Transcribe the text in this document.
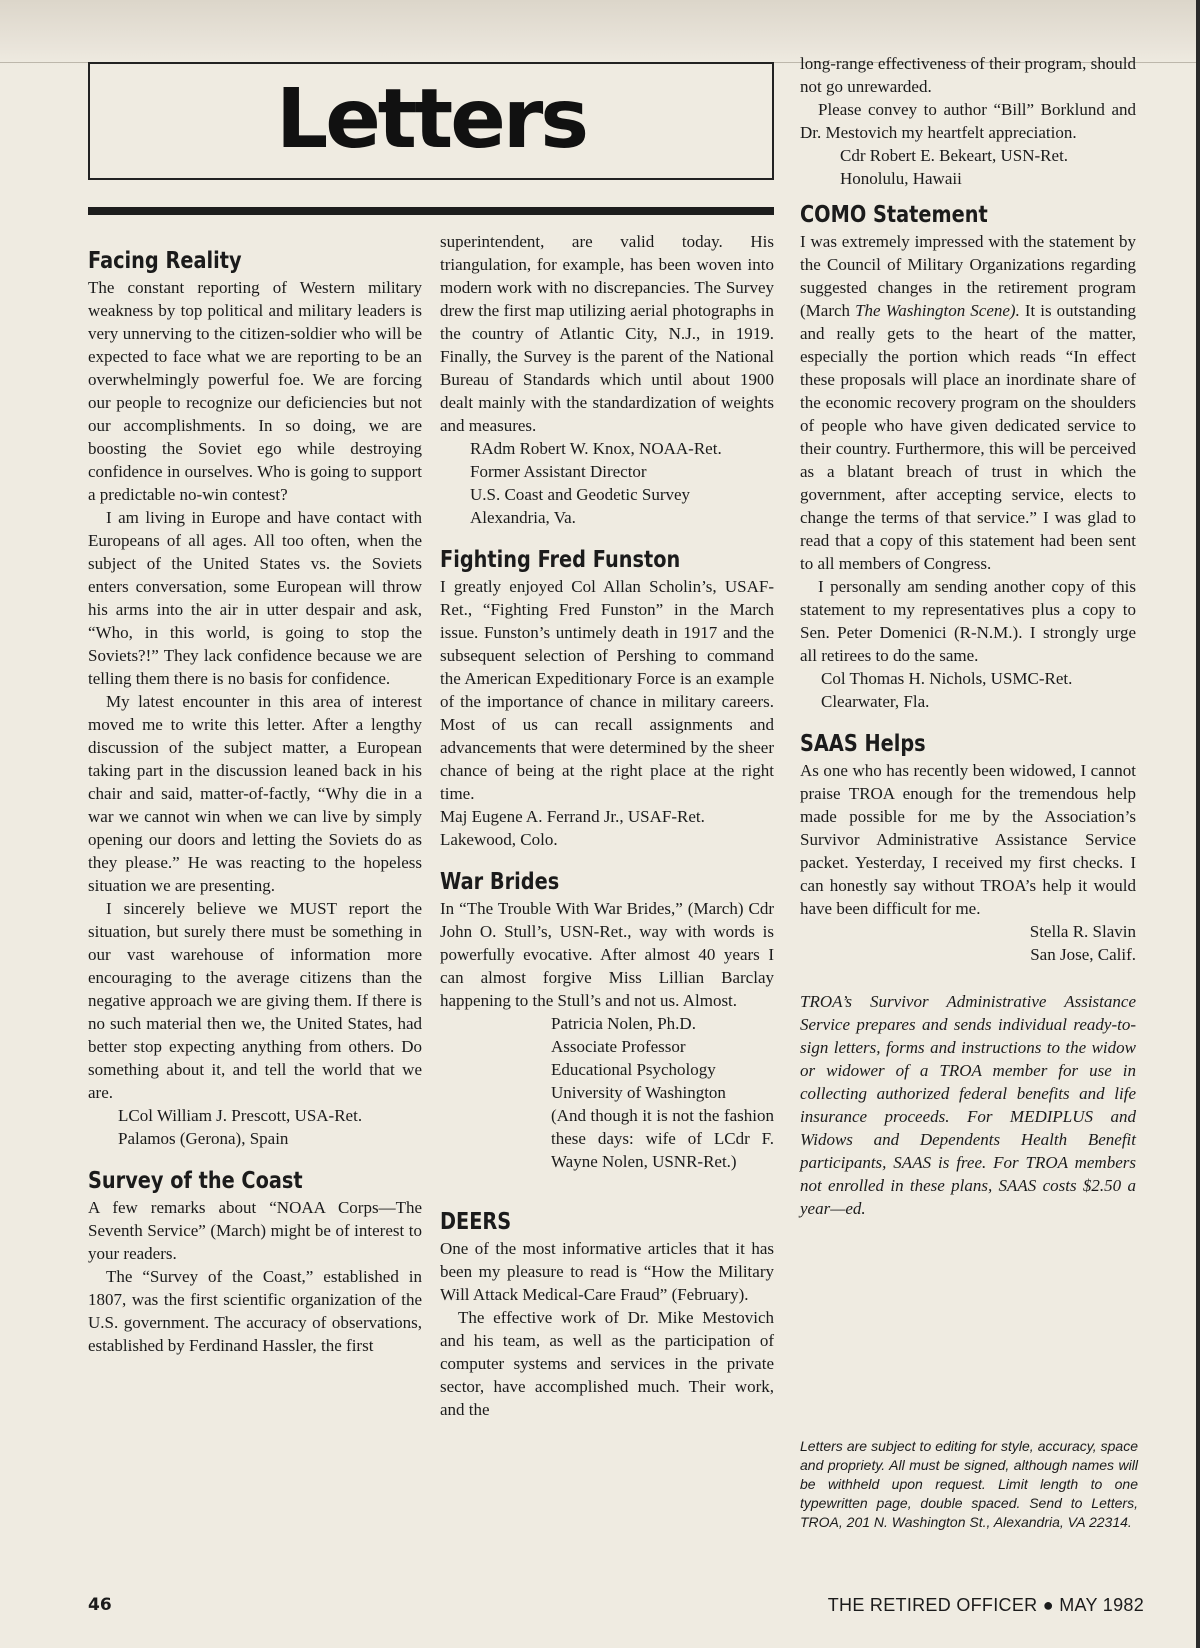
Letters
Facing Reality

The constant reporting of Western military weakness by top political and military leaders is very unnerving to the citizen-soldier who will be expected to face what we are reporting to be an overwhelmingly powerful foe. We are forcing our people to recognize our deficiencies but not our accomplishments. In so doing, we are boosting the Soviet ego while destroying confidence in ourselves. Who is going to support a predictable no-win contest?

I am living in Europe and have contact with Europeans of all ages. All too often, when the subject of the United States vs. the Soviets enters conversation, some European will throw his arms into the air in utter despair and ask, “Who, in this world, is going to stop the Soviets?!” They lack confidence because we are telling them there is no basis for confidence.

My latest encounter in this area of interest moved me to write this letter. After a lengthy discussion of the subject matter, a European taking part in the discussion leaned back in his chair and said, matter-of-factly, “Why die in a war we cannot win when we can live by simply opening our doors and letting the Soviets do as they please.” He was reacting to the hopeless situation we are presenting.

I sincerely believe we MUST report the situation, but surely there must be something in our vast warehouse of information more encouraging to the average citizens than the negative approach we are giving them. If there is no such material then we, the United States, had better stop expecting anything from others. Do something about it, and tell the world that we are.

LCol William J. Prescott, USA-Ret.
Palamos (Gerona), Spain
Survey of the Coast

A few remarks about “NOAA Corps—The Seventh Service” (March) might be of interest to your readers.

The “Survey of the Coast,” established in 1807, was the first scientific organization of the U.S. government. The accuracy of observations, established by Ferdinand Hassler, the first

superintendent, are valid today. His triangulation, for example, has been woven into modern work with no discrepancies. The Survey drew the first map utilizing aerial photographs in the country of Atlantic City, N.J., in 1919. Finally, the Survey is the parent of the National Bureau of Standards which until about 1900 dealt mainly with the standardization of weights and measures.

RAdm Robert W. Knox, NOAA-Ret.
Former Assistant Director
U.S. Coast and Geodetic Survey
Alexandria, Va.
Fighting Fred Funston

I greatly enjoyed Col Allan Scholin’s, USAF-Ret., “Fighting Fred Funston” in the March issue. Funston’s untimely death in 1917 and the subsequent selection of Pershing to command the American Expeditionary Force is an example of the importance of chance in military careers. Most of us can recall assignments and advancements that were determined by the sheer chance of being at the right place at the right time.

Maj Eugene A. Ferrand Jr., USAF-Ret.
Lakewood, Colo.
War Brides

In “The Trouble With War Brides,” (March) Cdr John O. Stull’s, USN-Ret., way with words is powerfully evocative. After almost 40 years I can almost forgive Miss Lillian Barclay happening to the Stull’s and not us. Almost.

Patricia Nolen, Ph.D.
Associate Professor
Educational Psychology
University of Washington

(And though it is not the fashion these days: wife of LCdr F. Wayne Nolen, USNR-Ret.)

DEERS

One of the most informative articles that it has been my pleasure to read is “How the Military Will Attack Medical-Care Fraud” (February).

The effective work of Dr. Mike Mestovich and his team, as well as the participation of computer systems and services in the private sector, have accomplished much. Their work, and the

long-range effectiveness of their program, should not go unrewarded.

Please convey to author “Bill” Borklund and Dr. Mestovich my heartfelt appreciation.

Cdr Robert E. Bekeart, USN-Ret.
Honolulu, Hawaii
COMO Statement

I was extremely impressed with the statement by the Council of Military Organizations regarding suggested changes in the retirement program (March The Washington Scene). It is outstanding and really gets to the heart of the matter, especially the portion which reads “In effect these proposals will place an inordinate share of the economic recovery program on the shoulders of people who have given dedicated service to their country. Furthermore, this will be perceived as a blatant breach of trust in which the government, after accepting service, elects to change the terms of that service.” I was glad to read that a copy of this statement had been sent to all members of Congress.

I personally am sending another copy of this statement to my representatives plus a copy to Sen. Peter Domenici (R-N.M.). I strongly urge all retirees to do the same.

Col Thomas H. Nichols, USMC-Ret.
Clearwater, Fla.
SAAS Helps

As one who has recently been widowed, I cannot praise TROA enough for the tremendous help made possible for me by the Association’s Survivor Administrative Assistance Service packet. Yesterday, I received my first checks. I can honestly say without TROA’s help it would have been difficult for me.

Stella R. Slavin
San Jose, Calif.

TROA’s Survivor Administrative Assistance Service prepares and sends individual ready-to-sign letters, forms and instructions to the widow or widower of a TROA member for use in collecting authorized federal benefits and life insurance proceeds. For MEDIPLUS and Widows and Dependents Health Benefit participants, SAAS is free. For TROA members not enrolled in these plans, SAAS costs $2.50 a year—ed.

Letters are subject to editing for style, accuracy, space and propriety. All must be signed, although names will be withheld upon request. Limit length to one typewritten page, double spaced. Send to Letters, TROA, 201 N. Washington St., Alexandria, VA 22314.
46	THE RETIRED OFFICER ● MAY 1982
